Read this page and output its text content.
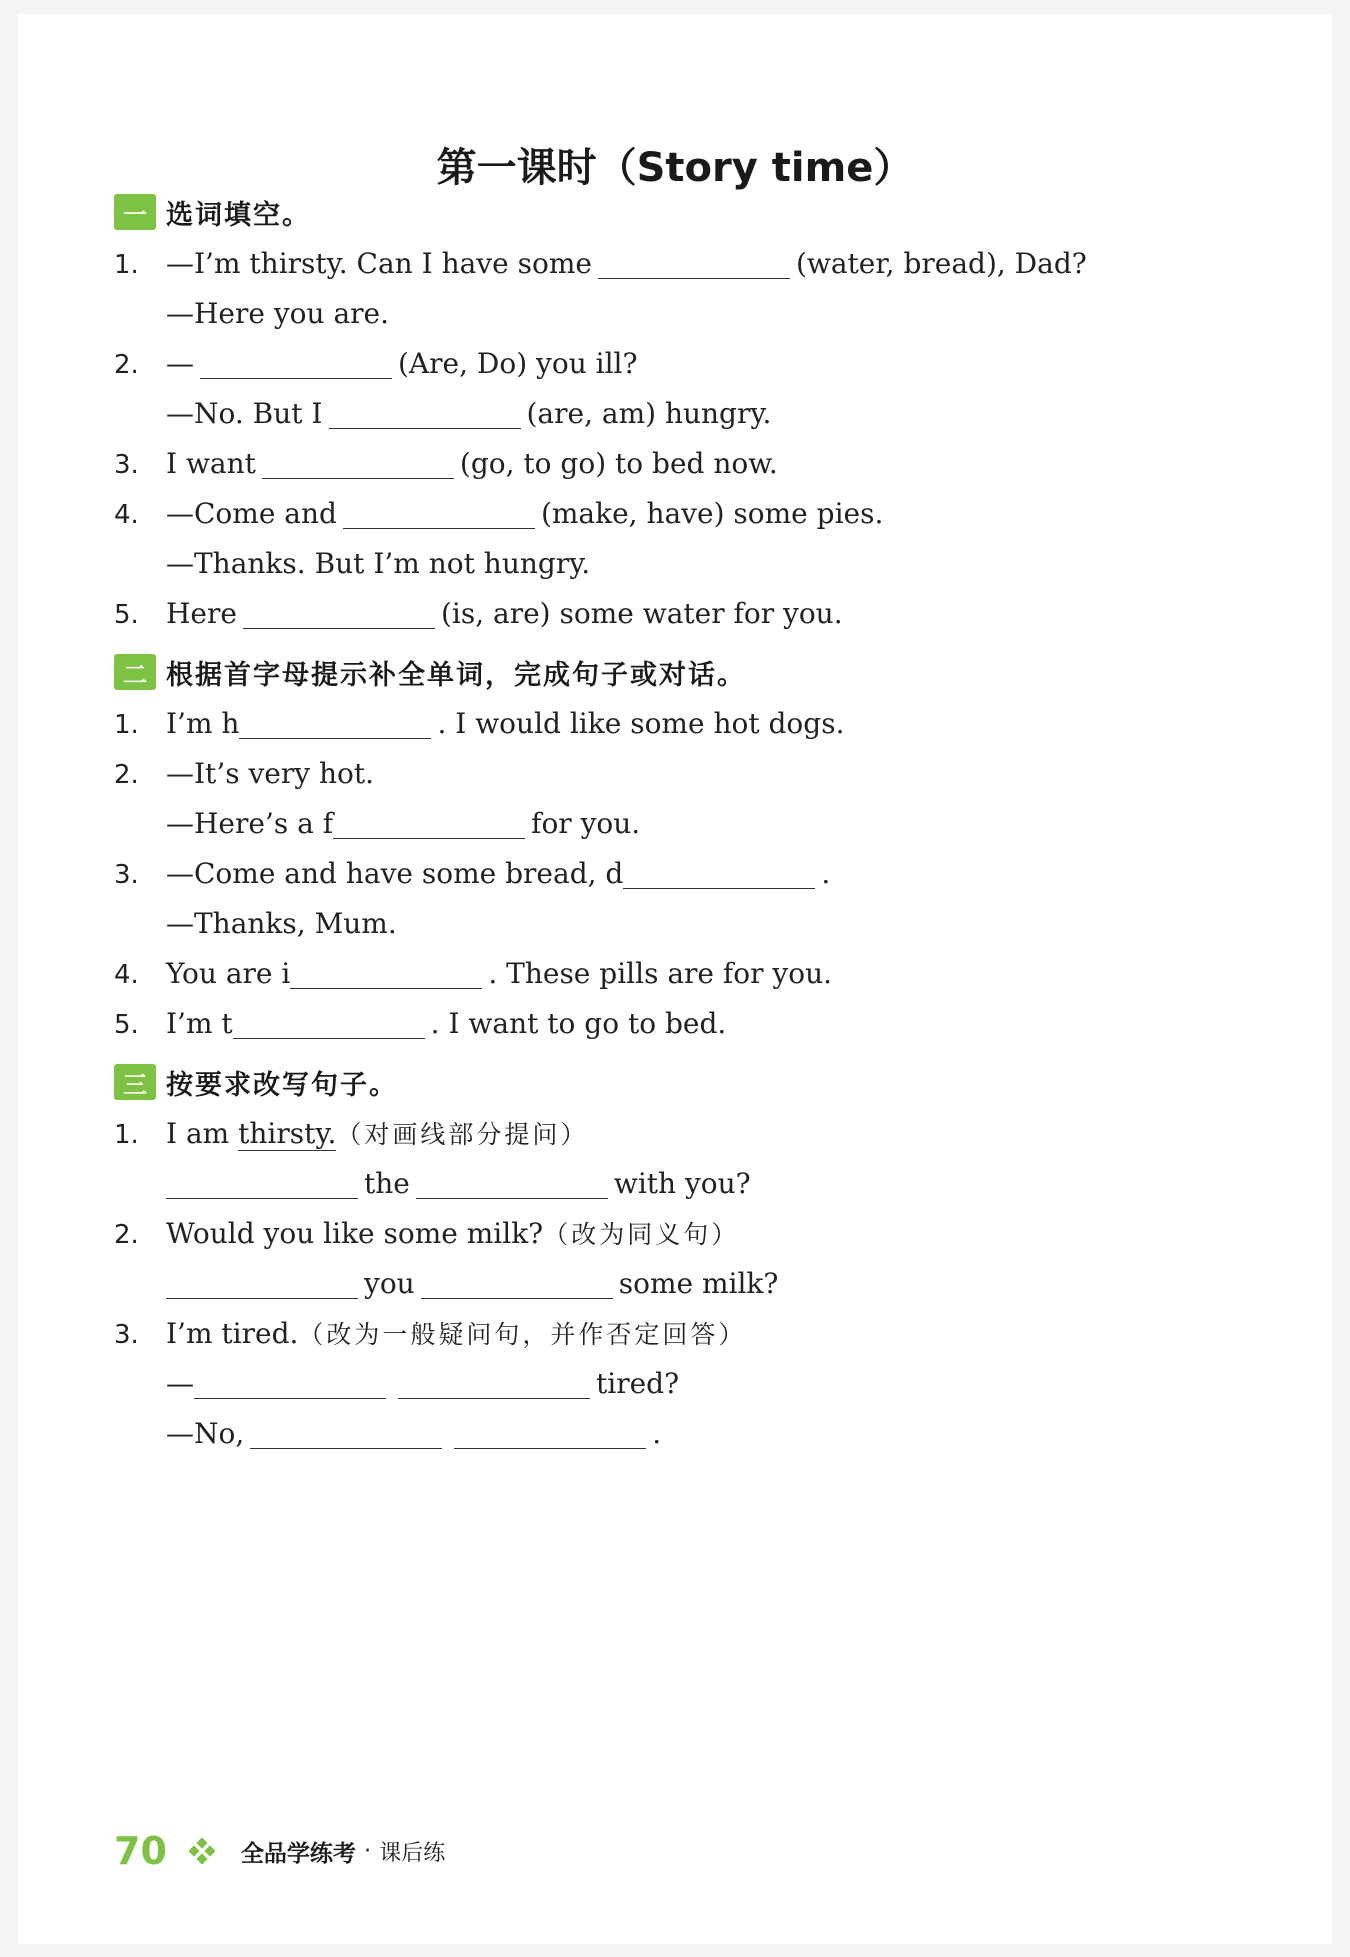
第一课时（Story time）
一 选词填空。
1. —I’m thirsty. Can I have some	(water, bread), Dad?
—Here you are.
2. —	(Are, Do) you ill?
—No. But I	(are, am) hungry.
3. I want	(go, to go) to bed now.
4. —Come and	(make, have) some pies.
—Thanks. But I’m not hungry.
5. Here	(is, are) some water for you.
二 根据首字母提示补全单词，完成句子或对话。
1. I’m h	. I would like some hot dogs.
2. —It’s very hot.
—Here’s a f	for you.
3. —Come and have some bread, d	.
—Thanks, Mum.
4. You are i	. These pills are for you.
5. I’m t	. I want to go to bed.
三 按要求改写句子。
1. I am thirsty.（对画线部分提问）
the	with you?
2. Would you like some milk?（改为同义句）
you	some milk?
3. I’m tired.（改为一般疑问句，并作否定回答）
—	tired?
—No,	.
70	全品学练考 · 课后练
